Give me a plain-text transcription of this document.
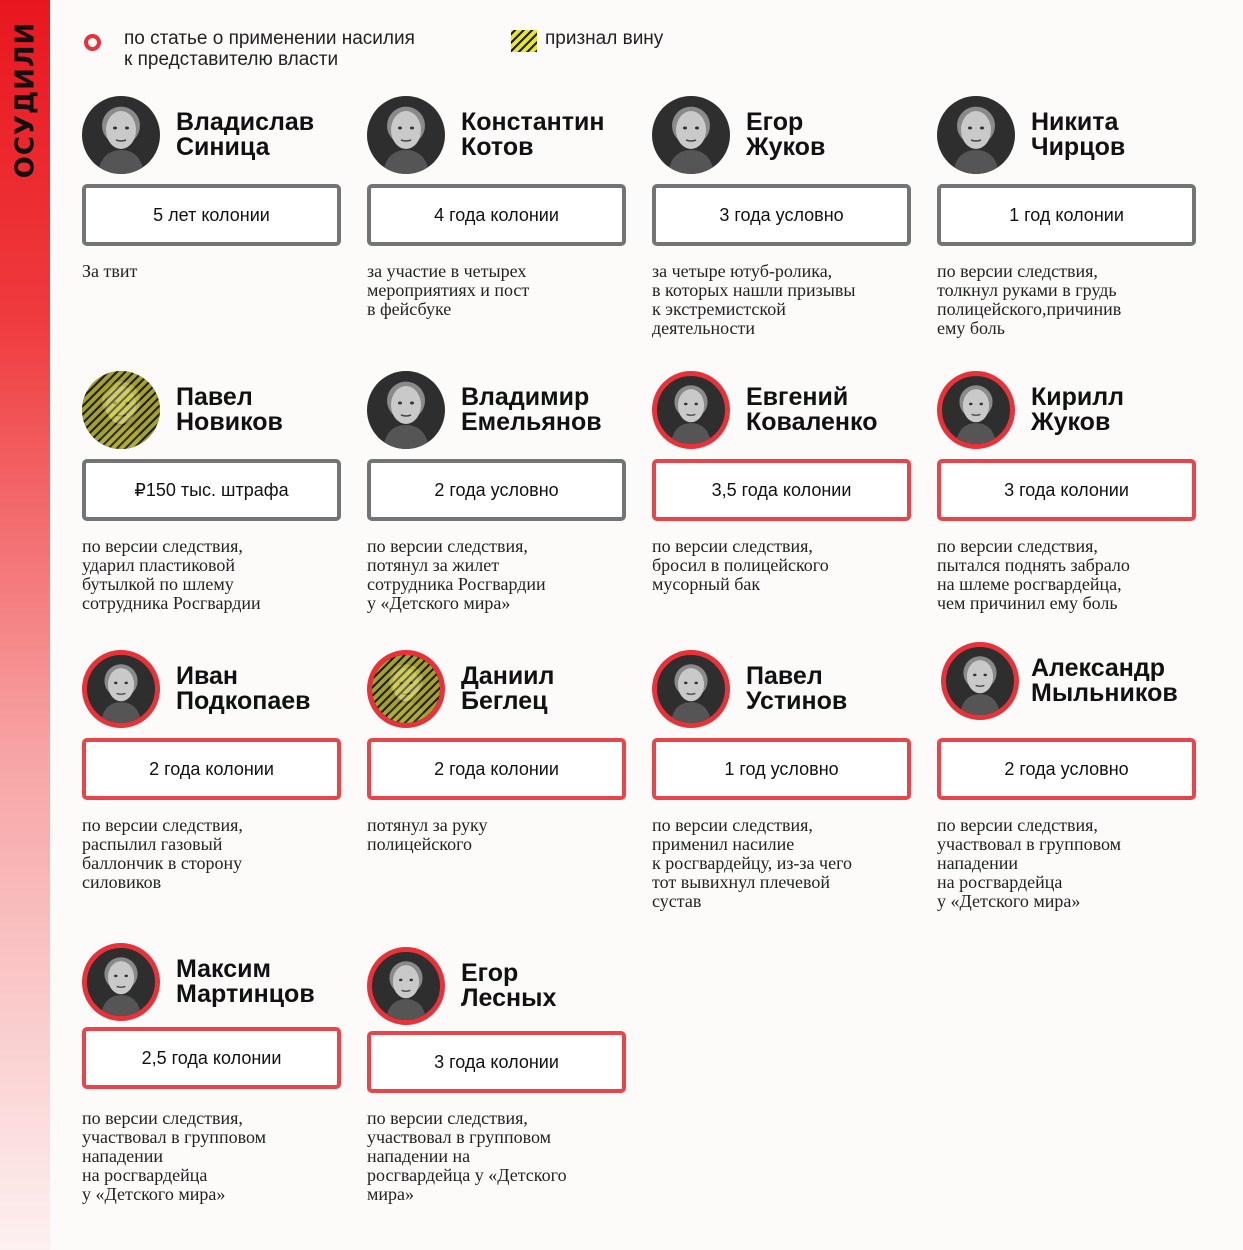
ОСУДИЛИ	по статье о применении насилия
к представителю власти
признал вину
Владислав
Синица
5 лет колонии
За твит
Константин
Котов
4 года колонии
за участие в четырех
мероприятиях и пост
в фейсбуке
Егор
Жуков
3 года условно
за четыре ютуб-ролика,
в которых нашли призывы
к экстремистской
деятельности
Никита
Чирцов
1 год колонии
по версии следствия,
толкнул руками в грудь
полицейского,причинив
ему боль
Павел
Новиков
₽150 тыс. штрафа
по версии следствия,
ударил пластиковой
бутылкой по шлему
сотрудника Росгвардии
Владимир
Емельянов
2 года условно
по версии следствия,
потянул за жилет
сотрудника Росгвардии
у «Детского мира»
Евгений
Коваленко
3,5 года колонии
по версии следствия,
бросил в полицейского
мусорный бак
Кирилл
Жуков
3 года колонии
по версии следствия,
пытался поднять забрало
на шлеме росгвардейца,
чем причинил ему боль
Иван
Подкопаев
2 года колонии
по версии следствия,
распылил газовый
баллончик в сторону
силовиков
Даниил
Беглец
2 года колонии
потянул за руку
полицейского
Павел
Устинов
1 год условно
по версии следствия,
применил насилие
к росгвардейцу, из-за чего
тот вывихнул плечевой
сустав
Александр
Мыльников
2 года условно
по версии следствия,
участвовал в групповом
нападении
на росгвардейца
у «Детского мира»
Максим
Мартинцов
2,5 года колонии
по версии следствия,
участвовал в групповом
нападении
на росгвардейца
у «Детского мира»
Егор
Лесных
3 года колонии
по версии следствия,
участвовал в групповом
нападении на
росгвардейца у «Детского
мира»
